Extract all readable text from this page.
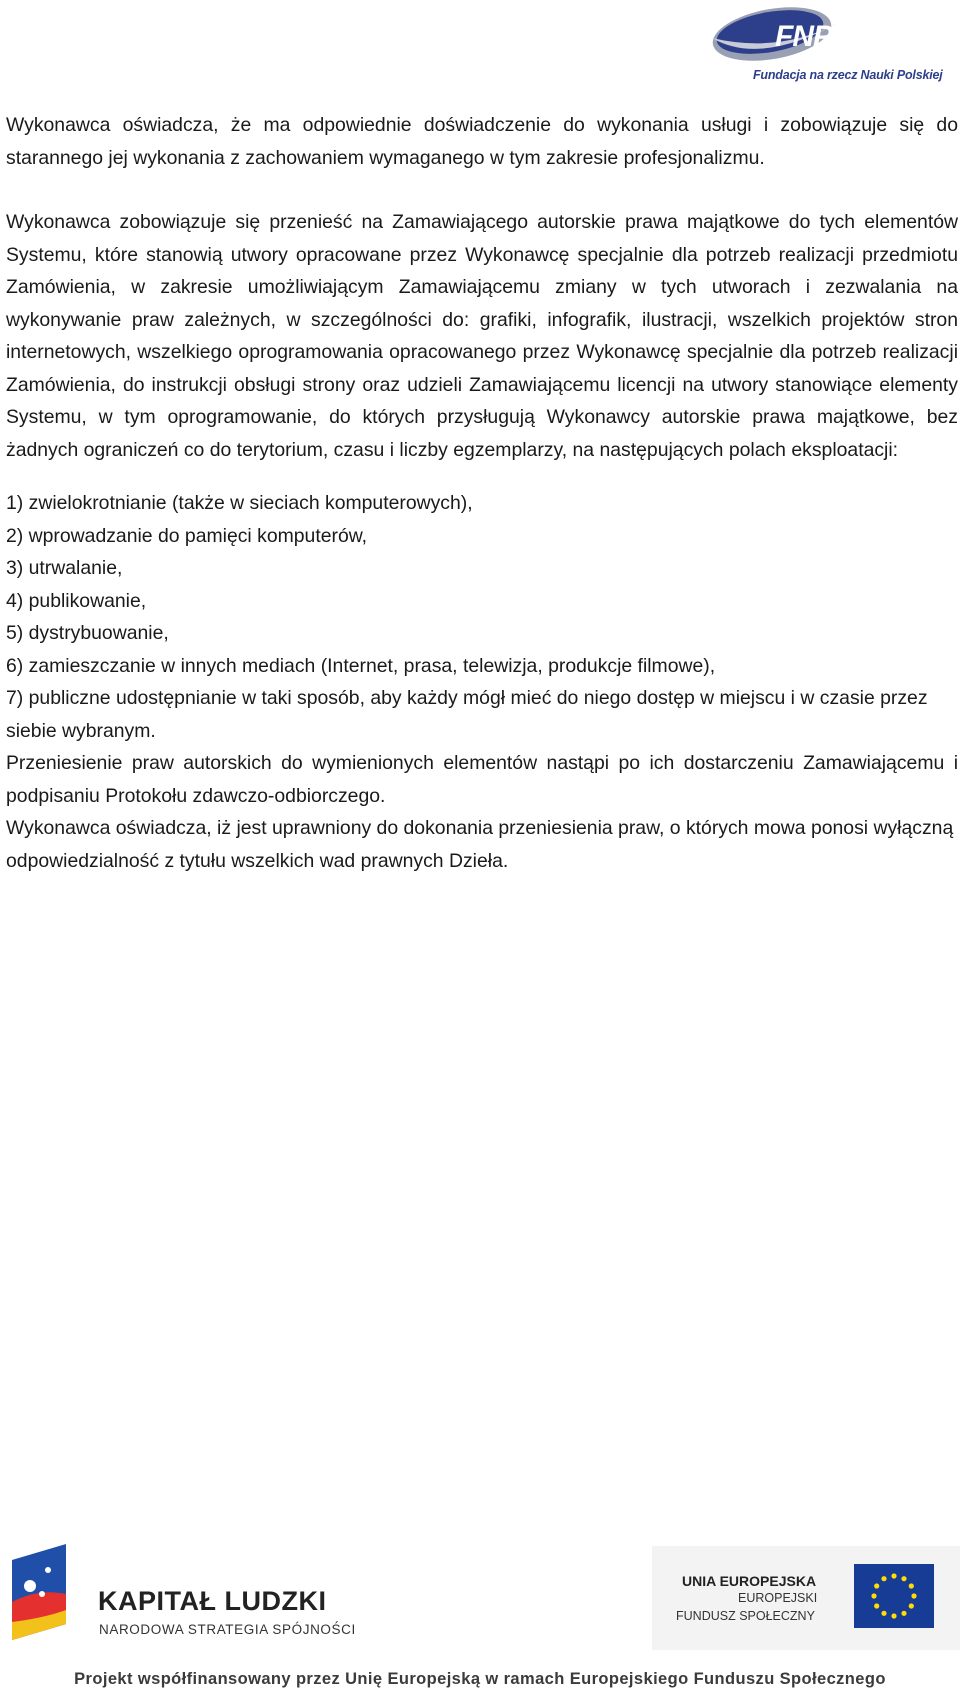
FNP
Fundacja na rzecz Nauki Polskiej

Wykonawca oświadcza, że ma odpowiednie doświadczenie do wykonania usługi i zobowiązuje się do starannego jej wykonania z zachowaniem wymaganego w tym zakresie profesjonalizmu.

Wykonawca zobowiązuje się przenieść na Zamawiającego autorskie prawa majątkowe do tych elementów Systemu, które stanowią utwory opracowane przez Wykonawcę specjalnie dla potrzeb realizacji przedmiotu Zamówienia, w zakresie umożliwiającym Zamawiającemu zmiany w tych utworach i zezwalania na wykonywanie praw zależnych, w szczególności do: grafiki, infografik, ilustracji, wszelkich projektów stron internetowych, wszelkiego oprogramowania opracowanego przez Wykonawcę specjalnie dla potrzeb realizacji Zamówienia, do instrukcji obsługi strony oraz udzieli Zamawiającemu licencji na utwory stanowiące elementy Systemu, w tym oprogramowanie, do których przysługują Wykonawcy autorskie prawa majątkowe, bez żadnych ograniczeń co do terytorium, czasu i liczby egzemplarzy, na następujących polach eksploatacji:

1) zwielokrotnianie (także w sieciach komputerowych),
2) wprowadzanie do pamięci komputerów,
3) utrwalanie,
4) publikowanie,
5) dystrybuowanie,
6) zamieszczanie w innych mediach (Internet, prasa, telewizja, produkcje filmowe),
7) publiczne udostępnianie w taki sposób, aby każdy mógł mieć do niego dostęp w miejscu i w czasie przez siebie wybranym.

Przeniesienie praw autorskich do wymienionych elementów nastąpi po ich dostarczeniu Zamawiającemu i podpisaniu Protokołu zdawczo-odbiorczego.

Wykonawca oświadcza, iż jest uprawniony do dokonania przeniesienia praw, o których mowa ponosi wyłączną odpowiedzialność z tytułu wszelkich wad prawnych Dzieła.

KAPITAŁ LUDZKI
NARODOWA STRATEGIA SPÓJNOŚCI
UNIA EUROPEJSKA
EUROPEJSKI
FUNDUSZ SPOŁECZNY
Projekt współfinansowany przez Unię Europejską w ramach Europejskiego Funduszu Społecznego
